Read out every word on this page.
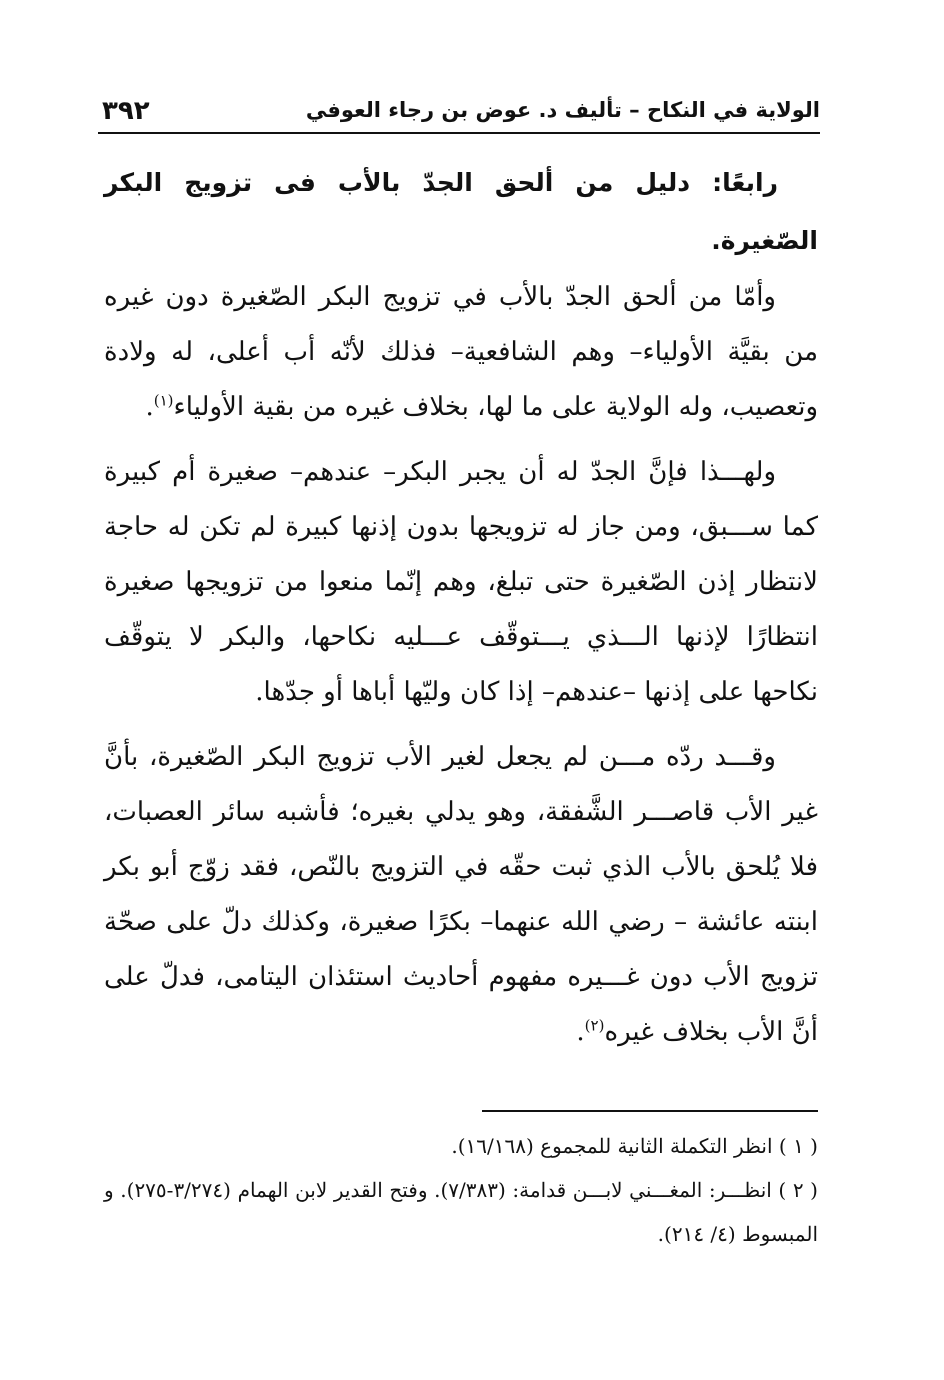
الولاية في النكاح – تأليف د. عوض بن رجاء العوفي
٣٩٢

رابعًا: دليل من ألحق الجدّ بالأب فى تزويج البكر الصّغيرة.

وأمّا من ألحق الجدّ بالأب في تزويج البكر الصّغيرة دون غيره من بقيَّة الأولياء– وهم الشافعية– فذلك لأنّه أب أعلى، له ولادة وتعصيب، وله الولاية على ما لها، بخلاف غيره من بقية الأولياء$^{(١)}$.

ولهـــذا فإنَّ الجدّ له أن يجبر البكر– عندهم– صغيرة أم كبيرة كما ســـبق، ومن جاز له تزويجها بدون إذنها كبيرة لم تكن له حاجة لانتظار إذن الصّغيرة حتى تبلغ، وهم إنّما منعوا من تزويجها صغيرة انتظارًا لإذنها الـــذي يـــتوقّف عـــليه نكاحها، والبكر لا يتوقّف نكاحها على إذنها –عندهم– إذا كان وليّها أباها أو جدّها.

وقـــد ردّه مـــن لم يجعل لغير الأب تزويج البكر الصّغيرة، بأنَّ غير الأب قاصـــر الشَّفقة، وهو يدلي بغيره؛ فأشبه سائر العصبات، فلا يُلحق بالأب الذي ثبت حقّه في التزويج بالنّص، فقد زوّج أبو بكر ابنته عائشة – رضي الله عنهما– بكرًا صغيرة، وكذلك دلّ على صحّة تزويج الأب دون غـــيره مفهوم أحاديث استئذان اليتامى، فدلّ على أنَّ الأب بخلاف غيره$^{(٢)}$.

( ١ ) انظر التكملة الثانية للمجموع (١٦/١٦٨).

( ٢ ) انظـــر: المغـــني لابـــن قدامة: (٧/٣٨٣). وفتح القدير لابن الهمام (٣/٢٧٤-٢٧٥). و المبسوط (٤/ ٢١٤).
